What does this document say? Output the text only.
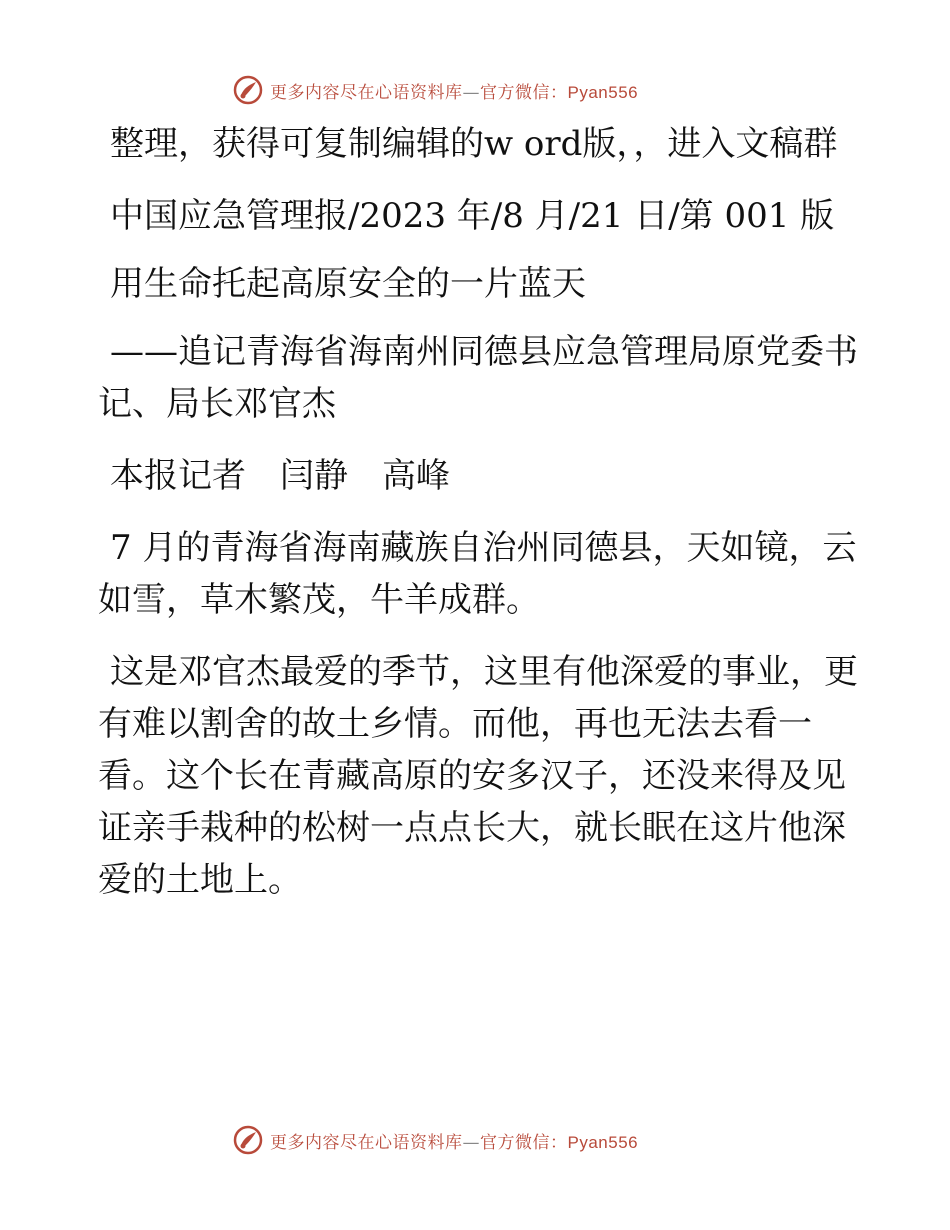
更多内容尽在心语资料库—官方微信：Pyan556

整理，获得可复制编辑的w ord版，，进入文稿群

中国应急管理报/2023 年/8 月/21 日/第 001 版

用生命托起高原安全的一片蓝天

——追记青海省海南州同德县应急管理局原党委书记、局长邓官杰

本报记者　闫静　高峰

7 月的青海省海南藏族自治州同德县，天如镜，云如雪，草木繁茂，牛羊成群。

这是邓官杰最爱的季节，这里有他深爱的事业，更有难以割舍的故土乡情。而他，再也无法去看一看。这个长在青藏高原的安多汉子，还没来得及见证亲手栽种的松树一点点长大，就长眠在这片他深爱的土地上。

更多内容尽在心语资料库—官方微信：Pyan556
